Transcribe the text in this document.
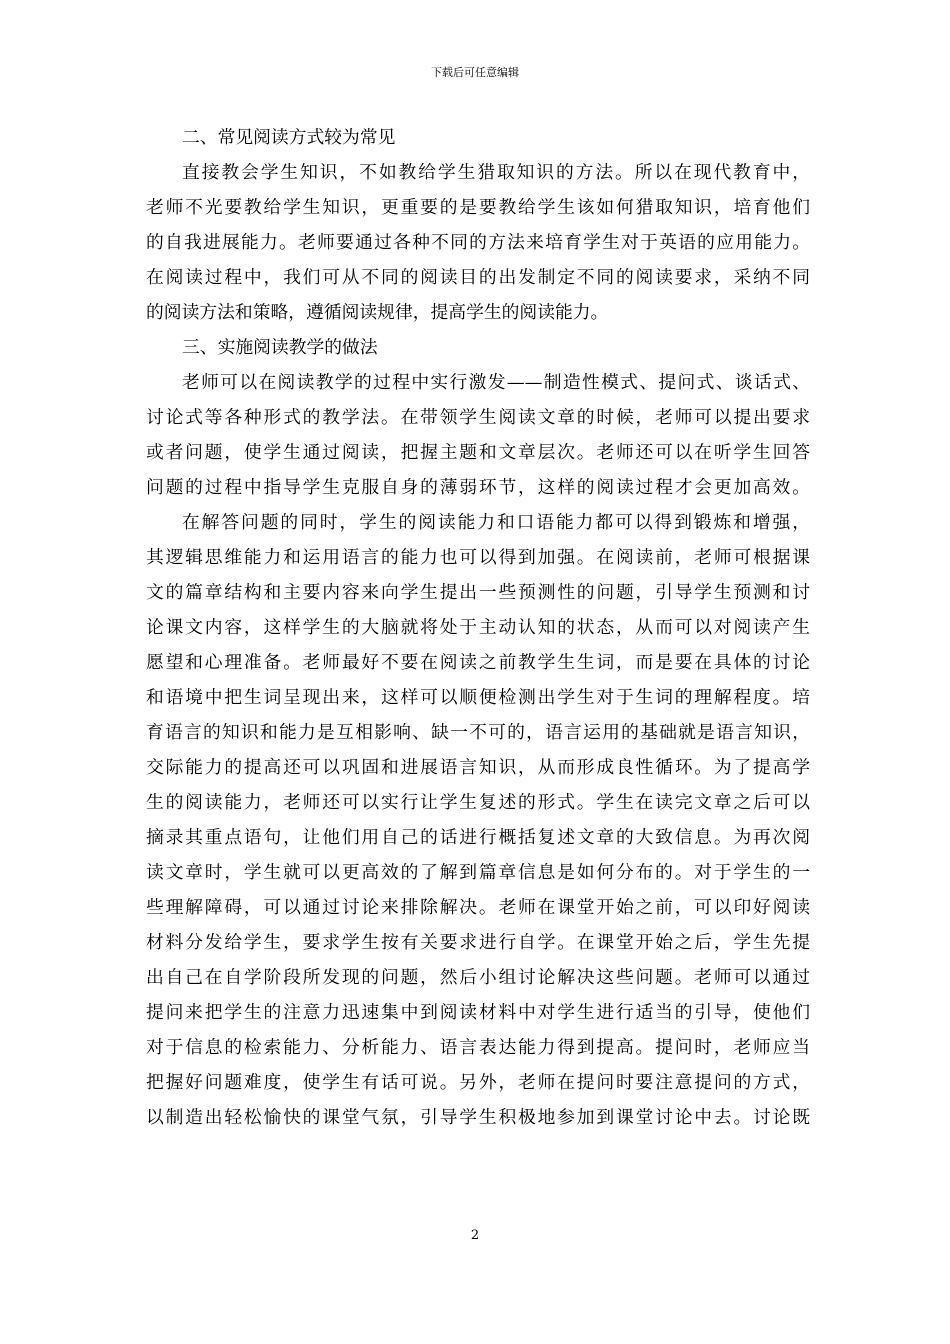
下载后可任意编辑
二、常见阅读方式较为常见
直接教会学生知识，不如教给学生猎取知识的方法。所以在现代教育中，
老师不光要教给学生知识，更重要的是要教给学生该如何猎取知识，培育他们
的自我进展能力。老师要通过各种不同的方法来培育学生对于英语的应用能力。
在阅读过程中，我们可从不同的阅读目的出发制定不同的阅读要求，采纳不同
的阅读方法和策略，遵循阅读规律，提高学生的阅读能力。
三、实施阅读教学的做法
老师可以在阅读教学的过程中实行激发——制造性模式、提问式、谈话式、
讨论式等各种形式的教学法。在带领学生阅读文章的时候，老师可以提出要求
或者问题，使学生通过阅读，把握主题和文章层次。老师还可以在听学生回答
问题的过程中指导学生克服自身的薄弱环节，这样的阅读过程才会更加高效。
在解答问题的同时，学生的阅读能力和口语能力都可以得到锻炼和增强，
其逻辑思维能力和运用语言的能力也可以得到加强。在阅读前，老师可根据课
文的篇章结构和主要内容来向学生提出一些预测性的问题，引导学生预测和讨
论课文内容，这样学生的大脑就将处于主动认知的状态，从而可以对阅读产生
愿望和心理准备。老师最好不要在阅读之前教学生生词，而是要在具体的讨论
和语境中把生词呈现出来，这样可以顺便检测出学生对于生词的理解程度。培
育语言的知识和能力是互相影响、缺一不可的，语言运用的基础就是语言知识，
交际能力的提高还可以巩固和进展语言知识，从而形成良性循环。为了提高学
生的阅读能力，老师还可以实行让学生复述的形式。学生在读完文章之后可以
摘录其重点语句，让他们用自己的话进行概括复述文章的大致信息。为再次阅
读文章时，学生就可以更高效的了解到篇章信息是如何分布的。对于学生的一
些理解障碍，可以通过讨论来排除解决。老师在课堂开始之前，可以印好阅读
材料分发给学生，要求学生按有关要求进行自学。在课堂开始之后，学生先提
出自己在自学阶段所发现的问题，然后小组讨论解决这些问题。老师可以通过
提问来把学生的注意力迅速集中到阅读材料中对学生进行适当的引导，使他们
对于信息的检索能力、分析能力、语言表达能力得到提高。提问时，老师应当
把握好问题难度，使学生有话可说。另外，老师在提问时要注意提问的方式，
以制造出轻松愉快的课堂气氛，引导学生积极地参加到课堂讨论中去。讨论既
2
